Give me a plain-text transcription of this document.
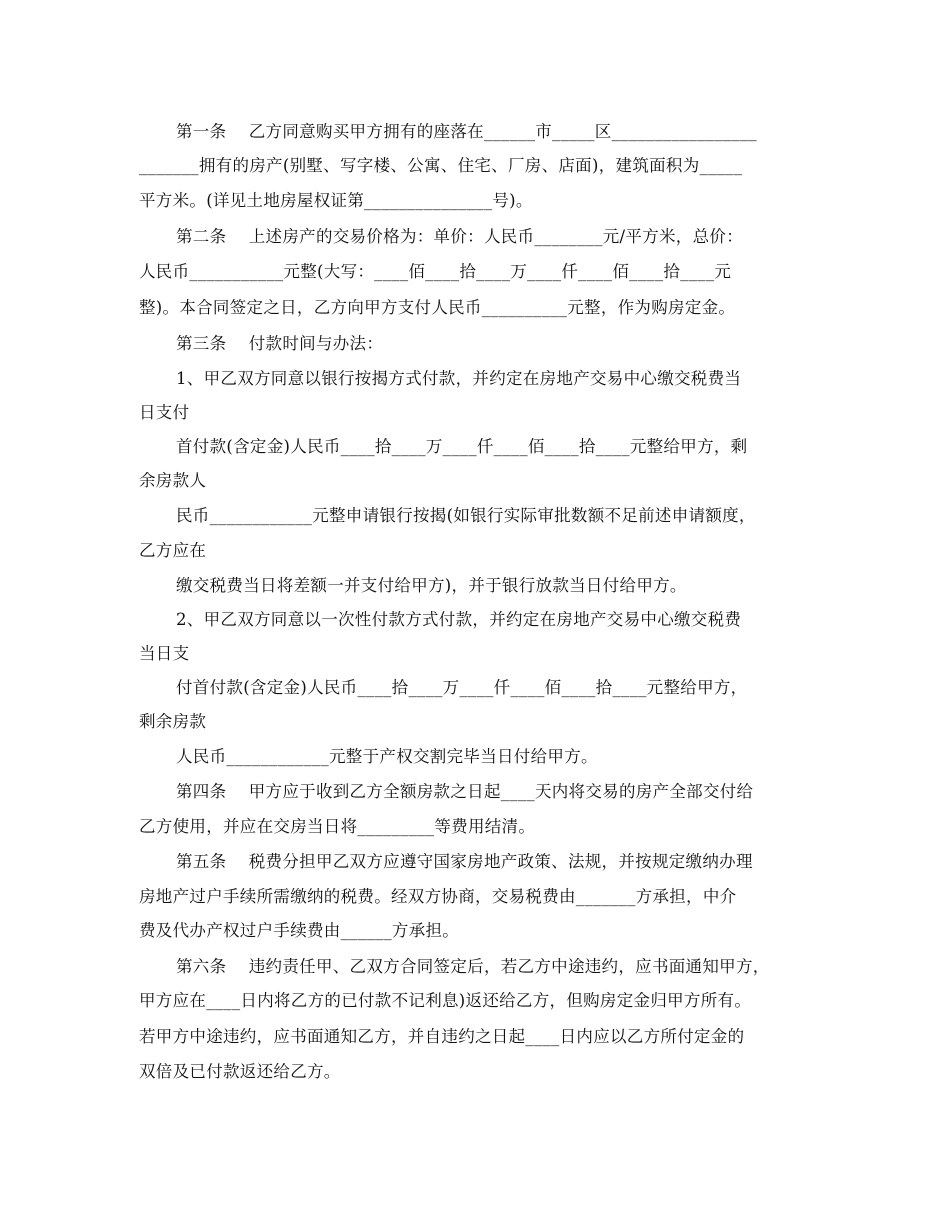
第一条　 乙方同意购买甲方拥有的座落在______市_____区_________________

_______拥有的房产(别墅、写字楼、公寓、住宅、厂房、店面)，建筑面积为_____

平方米。(详见土地房屋权证第_______________号)。

第二条　 上述房产的交易价格为：单价：人民币________元/平方米，总价：

人民币___________元整(大写：____佰____拾____万____仟____佰____拾____元

整)。本合同签定之日，乙方向甲方支付人民币__________元整，作为购房定金。

第三条　 付款时间与办法：

1、甲乙双方同意以银行按揭方式付款，并约定在房地产交易中心缴交税费当

日支付

首付款(含定金)人民币____拾____万____仟____佰____拾____元整给甲方，剩

余房款人

民币____________元整申请银行按揭(如银行实际审批数额不足前述申请额度，

乙方应在

缴交税费当日将差额一并支付给甲方)，并于银行放款当日付给甲方。

2、甲乙双方同意以一次性付款方式付款，并约定在房地产交易中心缴交税费

当日支

付首付款(含定金)人民币____拾____万____仟____佰____拾____元整给甲方，

剩余房款

人民币____________元整于产权交割完毕当日付给甲方。

第四条　 甲方应于收到乙方全额房款之日起____天内将交易的房产全部交付给

乙方使用，并应在交房当日将_________等费用结清。

第五条　 税费分担甲乙双方应遵守国家房地产政策、法规，并按规定缴纳办理

房地产过户手续所需缴纳的税费。经双方协商，交易税费由_______方承担，中介

费及代办产权过户手续费由______方承担。

第六条　 违约责任甲、乙双方合同签定后，若乙方中途违约，应书面通知甲方，

甲方应在____日内将乙方的已付款不记利息)返还给乙方，但购房定金归甲方所有。

若甲方中途违约，应书面通知乙方，并自违约之日起____日内应以乙方所付定金的

双倍及已付款返还给乙方。
